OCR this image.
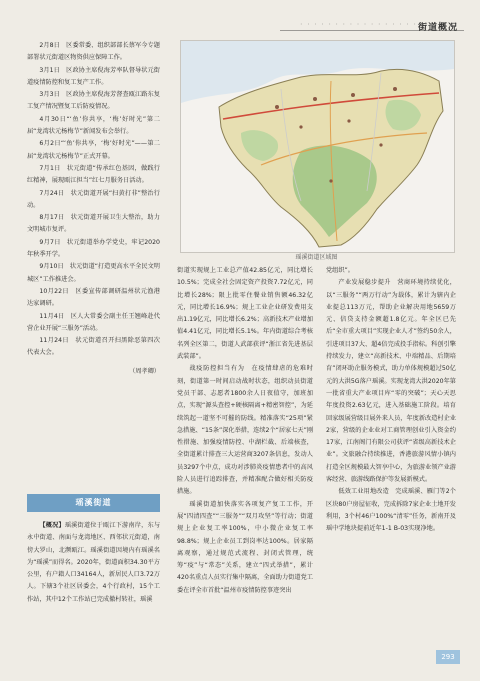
· · · · · · · · · · · · · · · · · ·
街道概况

2月8日　区委常委、组织部部长蔡军今专题部署状元街道区物资供应保障工作。

3月1日　区政协主席倪海芳率队督导状元街道疫情防控和复工复产工作。

3月3日　区政协主席倪海芳督查瓯江路东复工复产情况暨复工后防疫情况。

4月30日“‘鱼’你共享，‘梅’好时光”第二届“龙湾状元杨梅节”新闻发布会举行。

6月2日“‘鱼’你共享，‘梅’好时光”——第二届“龙湾状元杨梅节”正式开幕。

7月1日　状元街道“传承红色基因，做践行红精神，展现瓯江担当”红七月服务日活动。

7月24日　状元街道开展“扫黄打非”整治行动。

8月17日　状元街道开展卫生大整治，助力文明城市复评。

9月7日　状元街道举办学党史，牢记2020年秋季开学。

9月10日　状元街道“打造更高水平全民文明城区”工作推进会。

10月22日　区委宣传部调研温州状元渔港达家调研。

11月4日　区人大常委会副主任王翘峰赴代营企业开展“三服务”活动。

11月24日　状元街道召开扫黑除恶第四次代表大会。

（周孝卿）

瑶溪街道

【概况】瑶溪街道位于瓯江下游南岸，东与永中街道、南面与龙湾地区、西邻状元街道，南傍大罗山，北濒瓯江。瑶溪街道因境内有瑶溪名为“瑶溪”而得名。2020年，街道面积34.30平方公里，有户籍人口34164人，新居民人口3.72万人。下辖3个社区居委会，4个行政村，15个工作站，其中12个工作站已完成撤村转社，瑶溪

瑶溪街道区域图

街道实现规上工业总产值42.85亿元，同比增长10.5%；完成全社会固定资产投资7.72亿元，同比增长28%；限上批零住餐业销售额46.32亿元，同比增长16.9%；规上工业企业研发费用支出1.19亿元，同比增长6.2%；高新技术产业增加值4.41亿元，同比增长5.1%。年内街道综合考核名列全区第二，街道人武部获评“浙江省先进基层武装部”。

战疫防控担当有为　在疫情肆虐的危难时刻，街道第一时间启动战时状态，组织动员街道党员干部、志愿者1800余人日夜值守，加班加点，实现“源头查控+硬核隔离+精密智控”，为延续筑起一道坚不可摧的防线。精准落实“25项”紧急措施、“15条”深化举措，连续2个“居家七天”刚性措施、加强疫情防控、中湖栏截、后端核查，全街道累计排查三大运营商3207条信息，发动人员3297个中点，成功对涉肺炎疫情患者中的高风险人员进行追踪排查，并精准配合做好相关防疫措施。

瑶溪街道加快落实各项复产复工工作，开展“四清四查”“三服务”“双月攻坚”等行动；街道规上企业复工率100%，中小微企业复工率98.8%；规上企业员工到岗率达100%。居家隔离观察，通过规范式流程、封闭式管理，统筹“疫”与“常态”关系，建立“四式举措”，累计420名重点人员实行集中隔离，全面助力街道党工委在评全市首批“温州市疫情防控事迹突出

党组织”。

产业发展稳步提升　营商环境持续优化，以“三服务”“两万行动”为载体，累计为辖内企业提总113万元，帮助企业解决用地5659万元、信贷支持金额超1.8亿元。年全区已先后“全市重大项目”实现企业人才”签约50余人，引进项目37大、超4倍完成投手指标。科创引擎持续发力，建立“高新技术、中端精品、后期培育”闭环助企服务模式，助力单体规模超过50亿元的大洪5G落户瑶溪。实现龙湾大洪2020年第一批省重大产业项目库“零的突破”；天心天思年度投资2.63亿元，进入基础施工阶段。培育回家级展营级目展外来人员，年度新改造村企业2家，营级的企业业对工商管理创业引入资金约17家，江南阁门有限公司获评“省级高新技术企业”。文旅融合持续推进，香港旅游风情小镇内打造全区规模最大智享中心，为旅游业领产业游客经营、旅游线路保护等发展新模式。

低效工业用地改造　完成瑶溪、雁门等2个区块80户房屋征收，完成拆除7家企业土地开发利用，3个村46户100%“清零”任务，新南开及瑶中学地块提前近年1-1 B-03实现净地。

293
